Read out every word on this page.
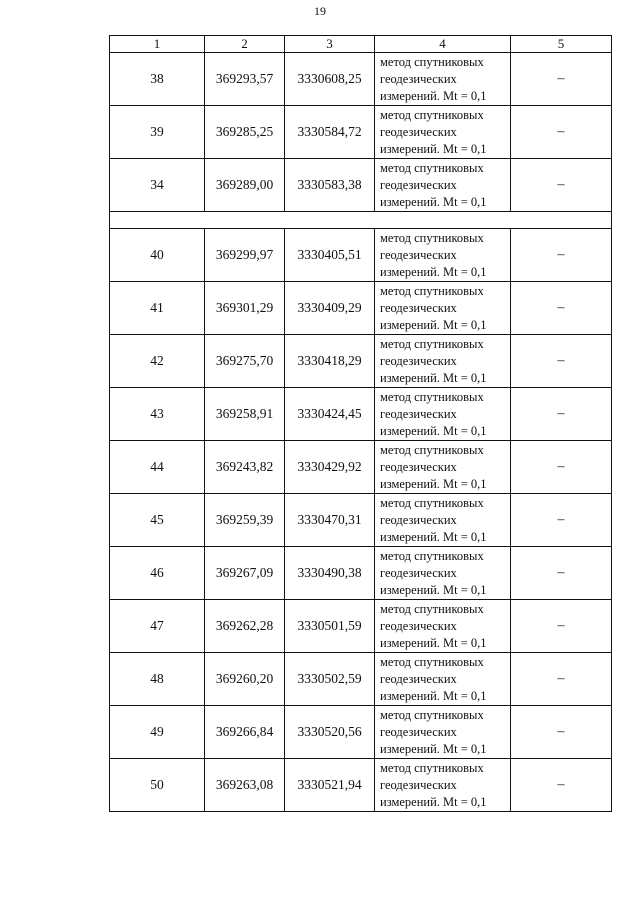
19
1	2	3	4	5
38	369293,57	3330608,25	метод спутниковых геодезических измерений. Mt = 0,1	–
39	369285,25	3330584,72	метод спутниковых геодезических измерений. Mt = 0,1	–
34	369289,00	3330583,38	метод спутниковых геодезических измерений. Mt = 0,1	–

40	369299,97	3330405,51	метод спутниковых геодезических измерений. Mt = 0,1	–
41	369301,29	3330409,29	метод спутниковых геодезических измерений. Mt = 0,1	–
42	369275,70	3330418,29	метод спутниковых геодезических измерений. Mt = 0,1	–
43	369258,91	3330424,45	метод спутниковых геодезических измерений. Mt = 0,1	–
44	369243,82	3330429,92	метод спутниковых геодезических измерений. Mt = 0,1	–
45	369259,39	3330470,31	метод спутниковых геодезических измерений. Mt = 0,1	–
46	369267,09	3330490,38	метод спутниковых геодезических измерений. Mt = 0,1	–
47	369262,28	3330501,59	метод спутниковых геодезических измерений. Mt = 0,1	–
48	369260,20	3330502,59	метод спутниковых геодезических измерений. Mt = 0,1	–
49	369266,84	3330520,56	метод спутниковых геодезических измерений. Mt = 0,1	–
50	369263,08	3330521,94	метод спутниковых геодезических измерений. Mt = 0,1	–
